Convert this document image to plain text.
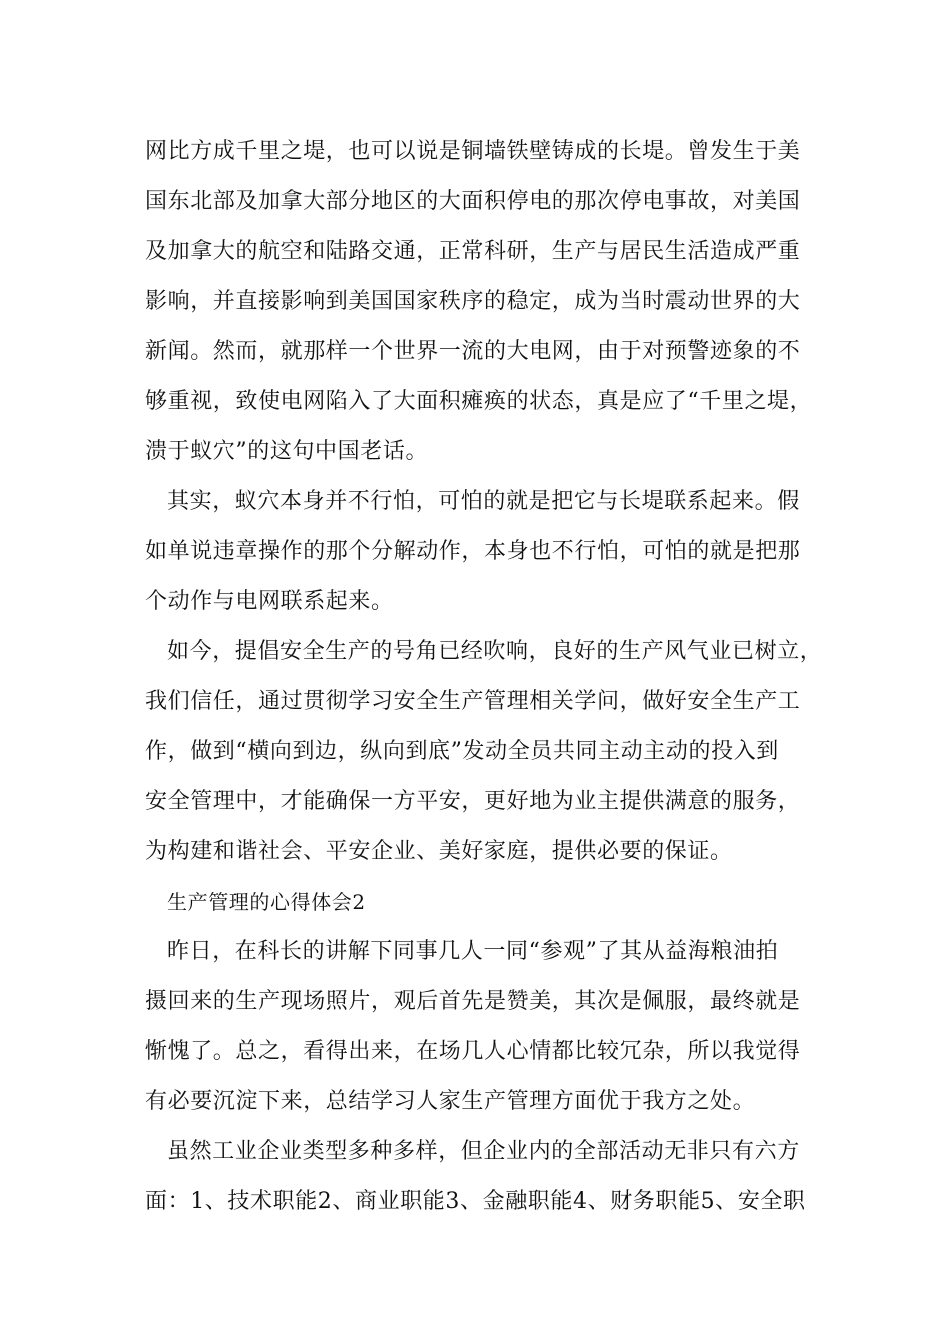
网比方成千里之堤，也可以说是铜墙铁壁铸成的长堤。曾发生于美
国东北部及加拿大部分地区的大面积停电的那次停电事故，对美国
及加拿大的航空和陆路交通，正常科研，生产与居民生活造成严重
影响，并直接影响到美国国家秩序的稳定，成为当时震动世界的大
新闻。然而，就那样一个世界一流的大电网，由于对预警迹象的不
够重视，致使电网陷入了大面积瘫痪的状态，真是应了“千里之堤，
溃于蚁穴”的这句中国老话。
其实，蚁穴本身并不行怕，可怕的就是把它与长堤联系起来。假
如单说违章操作的那个分解动作，本身也不行怕，可怕的就是把那
个动作与电网联系起来。
如今，提倡安全生产的号角已经吹响，良好的生产风气业已树立，
我们信任，通过贯彻学习安全生产管理相关学问，做好安全生产工
作，做到“横向到边，纵向到底”发动全员共同主动主动的投入到
安全管理中，才能确保一方平安，更好地为业主提供满意的服务，
为构建和谐社会、平安企业、美好家庭，提供必要的保证。
生产管理的心得体会2
昨日，在科长的讲解下同事几人一同“参观”了其从益海粮油拍
摄回来的生产现场照片，观后首先是赞美，其次是佩服，最终就是
惭愧了。总之，看得出来，在场几人心情都比较冗杂，所以我觉得
有必要沉淀下来，总结学习人家生产管理方面优于我方之处。
虽然工业企业类型多种多样，但企业内的全部活动无非只有六方
面：1、技术职能2、商业职能3、金融职能4、财务职能5、安全职
